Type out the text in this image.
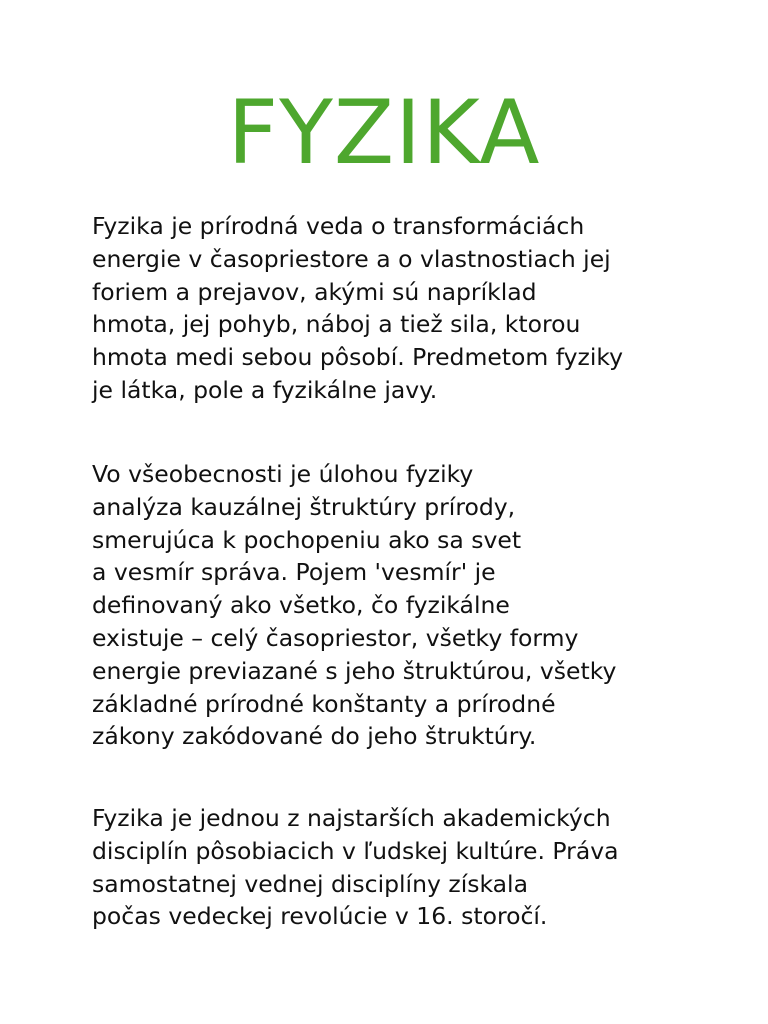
FYZIKA

Fyzika je prírodná veda o transformáciách
energie v časopriestore a o vlastnostiach jej
foriem a prejavov, akými sú napríklad
hmota, jej pohyb, náboj a tiež sila, ktorou
hmota medi sebou pôsobí. Predmetom fyziky
je látka, pole a fyzikálne javy.

Vo všeobecnosti je úlohou fyziky
analýza kauzálnej štruktúry prírody,
smerujúca k pochopeniu ako sa svet
a vesmír správa. Pojem 'vesmír' je
definovaný ako všetko, čo fyzikálne
existuje – celý časopriestor, všetky formy
energie previazané s jeho štruktúrou, všetky
základné prírodné konštanty a prírodné
zákony zakódované do jeho štruktúry.

Fyzika je jednou z najstarších akademických
disciplín pôsobiacich v ľudskej kultúre. Práva
samostatnej vednej disciplíny získala
počas vedeckej revolúcie v 16. storočí.
